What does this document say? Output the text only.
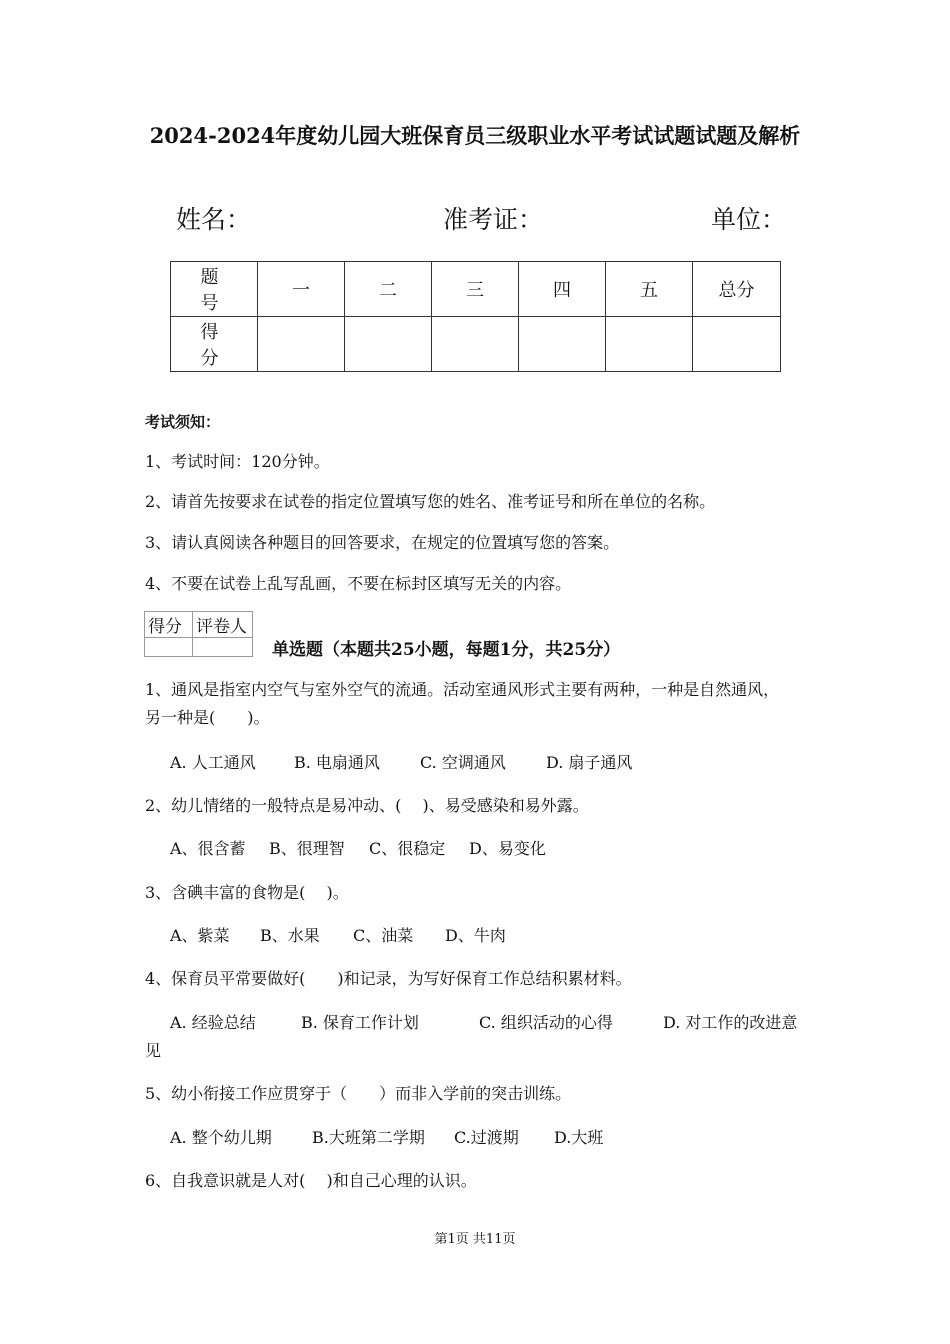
2024-2024年度幼儿园大班保育员三级职业水平考试试题试题及解析
姓名：	准考证：	单位：
题　号	一	二	三	四	五	总分
得　分						
考试须知：
1、考试时间：120分钟。
2、请首先按要求在试卷的指定位置填写您的姓名、准考证号和所在单位的名称。
3、请认真阅读各种题目的回答要求，在规定的位置填写您的答案。
4、不要在试卷上乱写乱画，不要在标封区填写无关的内容。
得分	评卷人

单选题（本题共25小题，每题1分，共25分）
1、通风是指室内空气与室外空气的流通。活动室通风形式主要有两种，一种是自然通风，
另一种是(　　)。
A. 人工通风 B. 电扇通风	C. 空调通风	D. 扇子通风
2、幼儿情绪的一般特点是易冲动、(　 )、易受感染和易外露。
A、很含蓄 B、很理智 C、很稳定 D、易变化
3、含碘丰富的食物是(　 )。
A、紫菜 B、水果 C、油菜 D、牛肉
4、保育员平常要做好(　　)和记录，为写好保育工作总结积累材料。
A. 经验总结	B. 保育工作计划	C. 组织活动的心得	D. 对工作的改进意
见
5、幼小衔接工作应贯穿于（　　）而非入学前的突击训练。
A. 整个幼儿期	B.大班第二学期 C.过渡期 D.大班
6、自我意识就是人对(　 )和自己心理的认识。
第1页 共11页
